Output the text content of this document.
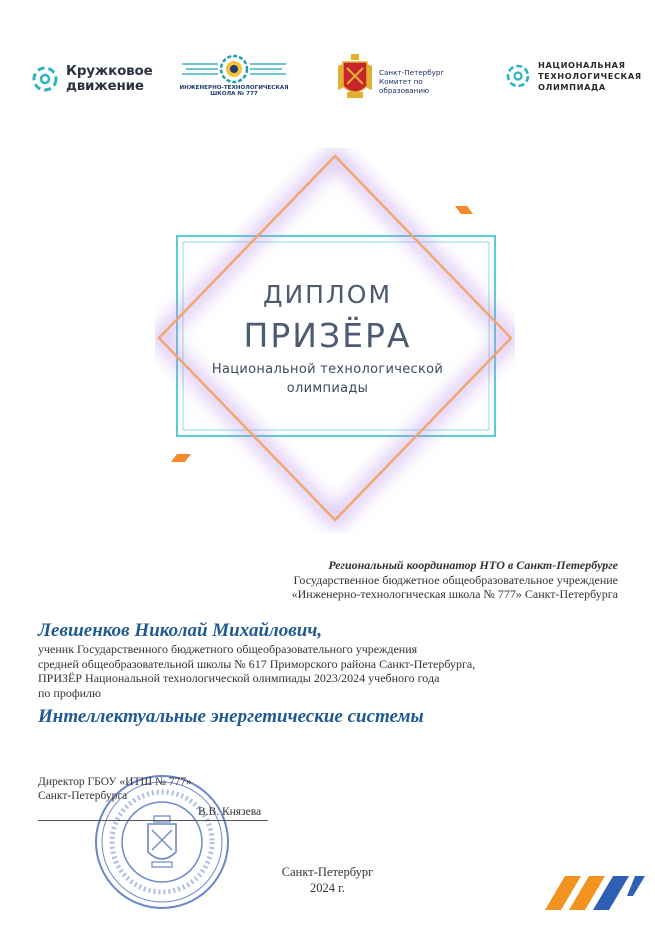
Кружковое
движение	ИНЖЕНЕРНО-ТЕХНОЛОГИЧЕСКАЯ
ШКОЛА № 777
Санкт-Петербург
Комитет по образованию
НАЦИОНАЛЬНАЯ
ТЕХНОЛОГИЧЕСКАЯ
ОЛИМПИАДА
ДИПЛОМ
ПРИЗЁРА
Национальной технологической
олимпиады
Региональный координатор НТО в Санкт-Петербурге
Государственное бюджетное общеобразовательное учреждение
«Инженерно-технологическая школа № 777» Санкт-Петербурга
Левшенков Николай Михайлович,
ученик Государственного бюджетного общеобразовательного учреждения
средней общеобразовательной школы № 617 Приморского района Санкт-Петербурга,
ПРИЗЁР Национальной технологической олимпиады 2023/2024 учебного года
по профилю
Интеллектуальные энергетические системы
Директор ГБОУ «ИТШ № 777»
Санкт-Петербурга
В.В. Князева
Санкт-Петербург
2024 г.
